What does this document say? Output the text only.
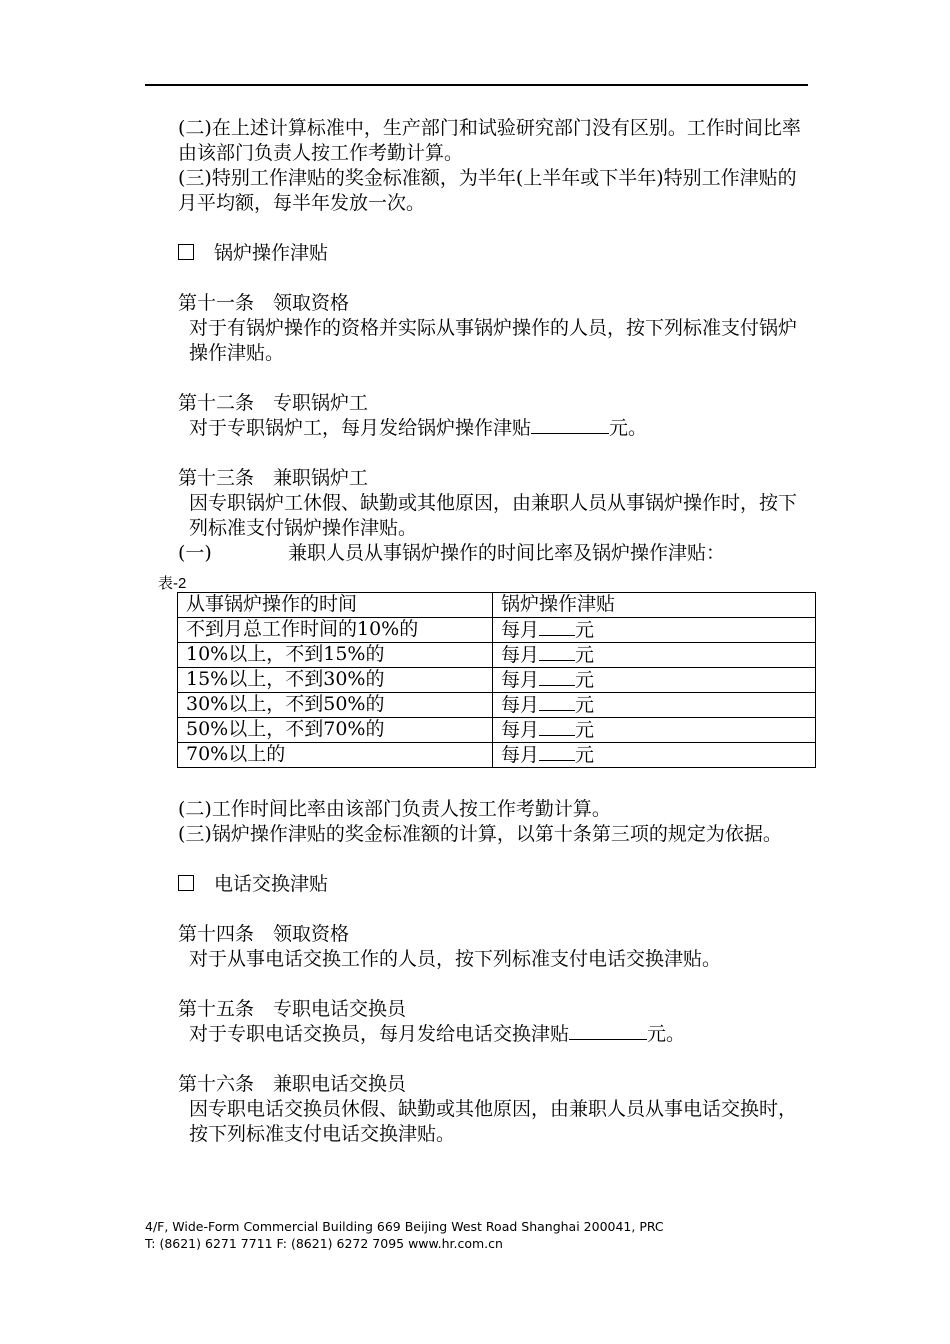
(二)在上述计算标准中，生产部门和试验研究部门没有区别。工作时间比率由该部门负责人按工作考勤计算。

(三)特别工作津贴的奖金标准额，为半年(上半年或下半年)特别工作津贴的月平均额，每半年发放一次。

锅炉操作津贴

第十一条　领取资格

对于有锅炉操作的资格并实际从事锅炉操作的人员，按下列标准支付锅炉操作津贴。

第十二条　专职锅炉工

对于专职锅炉工，每月发给锅炉操作津贴	元。

第十三条　兼职锅炉工

因专职锅炉工休假、缺勤或其他原因，由兼职人员从事锅炉操作时，按下列标准支付锅炉操作津贴。

(一)	兼职人员从事锅炉操作的时间比率及锅炉操作津贴：

表-2
从事锅炉操作的时间	锅炉操作津贴
不到月总工作时间的10%的	每月 元
10%以上，不到15%的	每月 元
15%以上，不到30%的	每月 元
30%以上，不到50%的	每月 元
50%以上，不到70%的	每月 元
70%以上的	每月 元

(二)工作时间比率由该部门负责人按工作考勤计算。

(三)锅炉操作津贴的奖金标准额的计算，以第十条第三项的规定为依据。

电话交换津贴

第十四条　领取资格

对于从事电话交换工作的人员，按下列标准支付电话交换津贴。

第十五条　专职电话交换员

对于专职电话交换员，每月发给电话交换津贴	元。

第十六条　兼职电话交换员

因专职电话交换员休假、缺勤或其他原因，由兼职人员从事电话交换时，按下列标准支付电话交换津贴。

4/F, Wide-Form Commercial Building 669 Beijing West Road Shanghai 200041, PRC
T: (8621) 6271 7711 F: (8621) 6272 7095 www.hr.com.cn
